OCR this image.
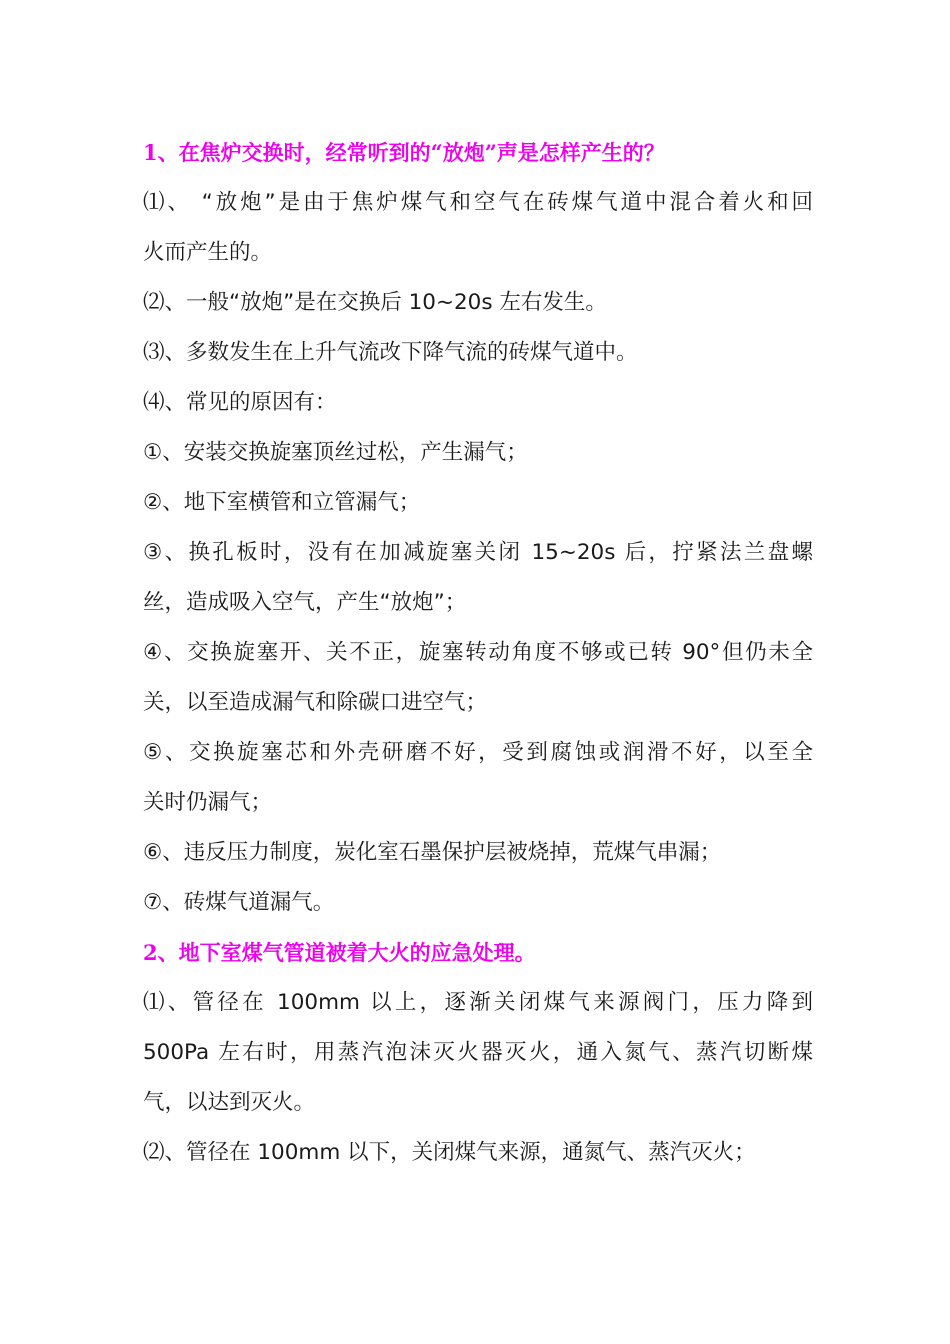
1、在焦炉交换时，经常听到的“放炮”声是怎样产生的？
⑴、 “放炮”是由于焦炉煤气和空气在砖煤气道中混合着火和回
火而产生的。
⑵、一般“放炮”是在交换后 10~20s 左右发生。
⑶、多数发生在上升气流改下降气流的砖煤气道中。
⑷、常见的原因有：
①、安装交换旋塞顶丝过松，产生漏气；
②、地下室横管和立管漏气；
③、换孔板时，没有在加减旋塞关闭 15~20s 后，拧紧法兰盘螺
丝，造成吸入空气，产生“放炮”；
④、交换旋塞开、关不正，旋塞转动角度不够或已转 90°但仍未全
关，以至造成漏气和除碳口进空气；
⑤、交换旋塞芯和外壳研磨不好，受到腐蚀或润滑不好，以至全
关时仍漏气；
⑥、违反压力制度，炭化室石墨保护层被烧掉，荒煤气串漏；
⑦、砖煤气道漏气。
2、地下室煤气管道被着大火的应急处理。
⑴、管径在 100mm 以上，逐渐关闭煤气来源阀门，压力降到
500Pa 左右时，用蒸汽泡沫灭火器灭火，通入氮气、蒸汽切断煤
气，以达到灭火。
⑵、管径在 100mm 以下，关闭煤气来源，通氮气、蒸汽灭火；
